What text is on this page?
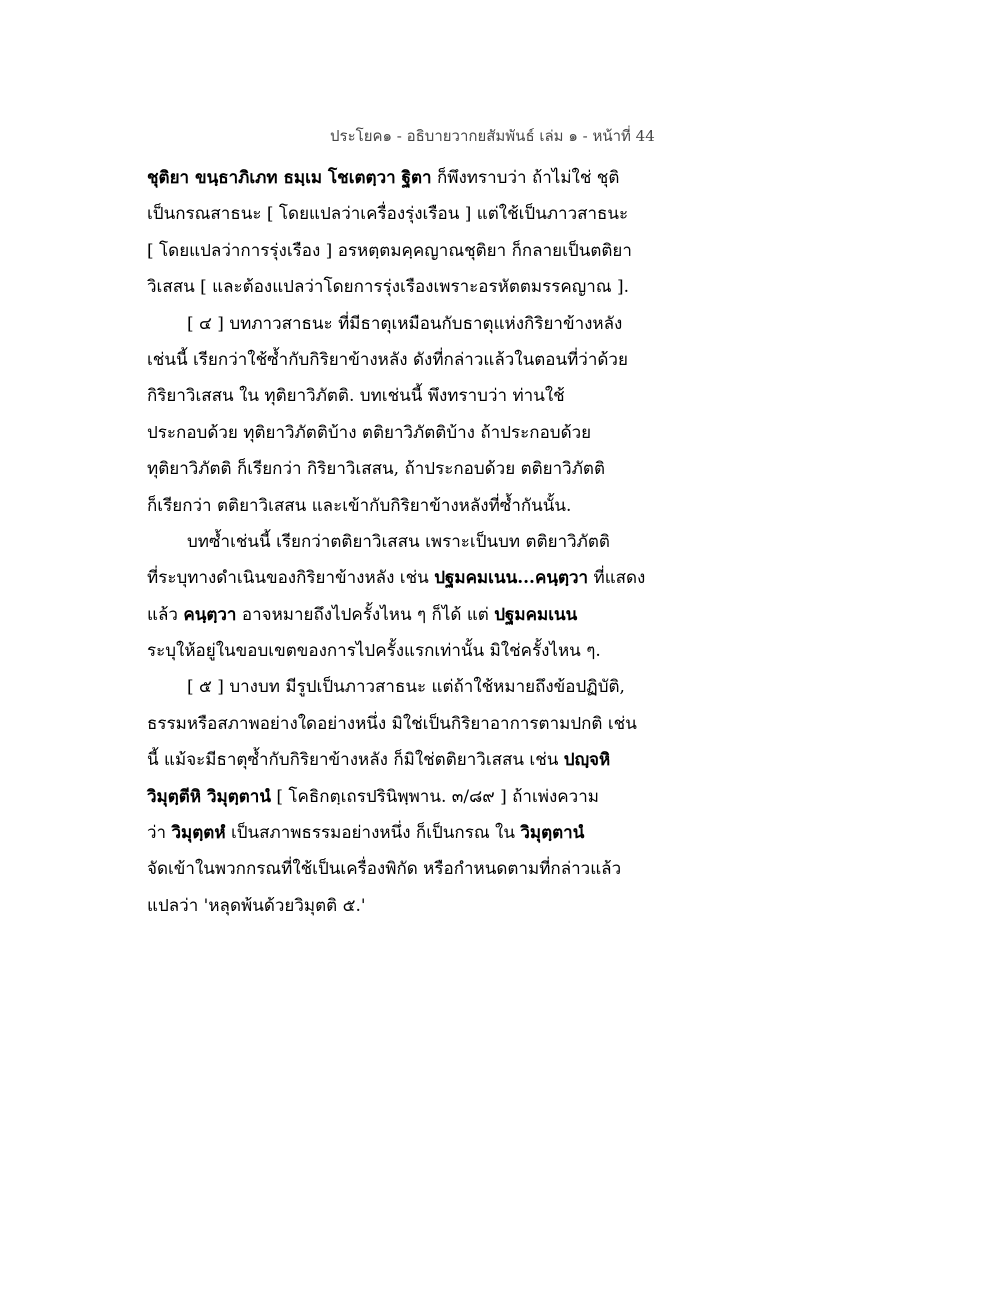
ประโยค๑ - อธิบายวากยสัมพันธ์ เล่ม ๑ - หน้าที่ 44
ชุติยา ขนฺธาภิเภท ธมฺเม โชเตตฺวา ฐิตา ก็พึงทราบว่า ถ้าไม่ใช่ ชุติ
เป็นกรณสาธนะ [ โดยแปลว่าเครื่องรุ่งเรือน ] แต่ใช้เป็นภาวสาธนะ
[ โดยแปลว่าการรุ่งเรือง ] อรหตฺตมคฺคญาณชุติยา ก็กลายเป็นตติยา
วิเสสน [ และต้องแปลว่าโดยการรุ่งเรืองเพราะอรหัตตมรรคญาณ ].
[ ๔ ] บทภาวสาธนะ ที่มีธาตุเหมือนกับธาตุแห่งกิริยาข้างหลัง
เช่นนี้ เรียกว่าใช้ซ้ำกับกิริยาข้างหลัง ดังที่กล่าวแล้วในตอนที่ว่าด้วย
กิริยาวิเสสน ใน ทุติยาวิภัตติ. บทเช่นนี้ พึงทราบว่า ท่านใช้
ประกอบด้วย ทุติยาวิภัตติบ้าง ตติยาวิภัตติบ้าง ถ้าประกอบด้วย
ทุติยาวิภัตติ ก็เรียกว่า กิริยาวิเสสน, ถ้าประกอบด้วย ตติยาวิภัตติ
ก็เรียกว่า ตติยาวิเสสน และเข้ากับกิริยาข้างหลังที่ซ้ำกันนั้น.
บทซ้ำเช่นนี้ เรียกว่าตติยาวิเสสน เพราะเป็นบท ตติยาวิภัตติ
ที่ระบุทางดำเนินของกิริยาข้างหลัง เช่น ปฐมคมเนน...คนฺตฺวา ที่แสดง
แล้ว คนฺตฺวา อาจหมายถึงไปครั้งไหน ๆ ก็ได้ แต่ ปฐมคมเนน
ระบุให้อยู่ในขอบเขตของการไปครั้งแรกเท่านั้น มิใช่ครั้งไหน ๆ.
[ ๕ ] บางบท มีรูปเป็นภาวสาธนะ แต่ถ้าใช้หมายถึงข้อปฏิบัติ,
ธรรมหรือสภาพอย่างใดอย่างหนึ่ง มิใช่เป็นกิริยาอาการตามปกติ เช่น
นี้ แม้จะมีธาตุซ้ำกับกิริยาข้างหลัง ก็มิใช่ตติยาวิเสสน เช่น ปญฺจหิ
วิมุตฺตีหิ วิมุตฺตานํ [ โคธิกตฺเถรปรินิพฺพาน. ๓/๘๙ ] ถ้าเพ่งความ
ว่า วิมุตฺตหํ เป็นสภาพธรรมอย่างหนึ่ง ก็เป็นกรณ ใน วิมุตฺตานํ
จัดเข้าในพวกกรณที่ใช้เป็นเครื่องพิกัด หรือกำหนดตามที่กล่าวแล้ว
แปลว่า 'หลุดพ้นด้วยวิมุตติ ๕.'
